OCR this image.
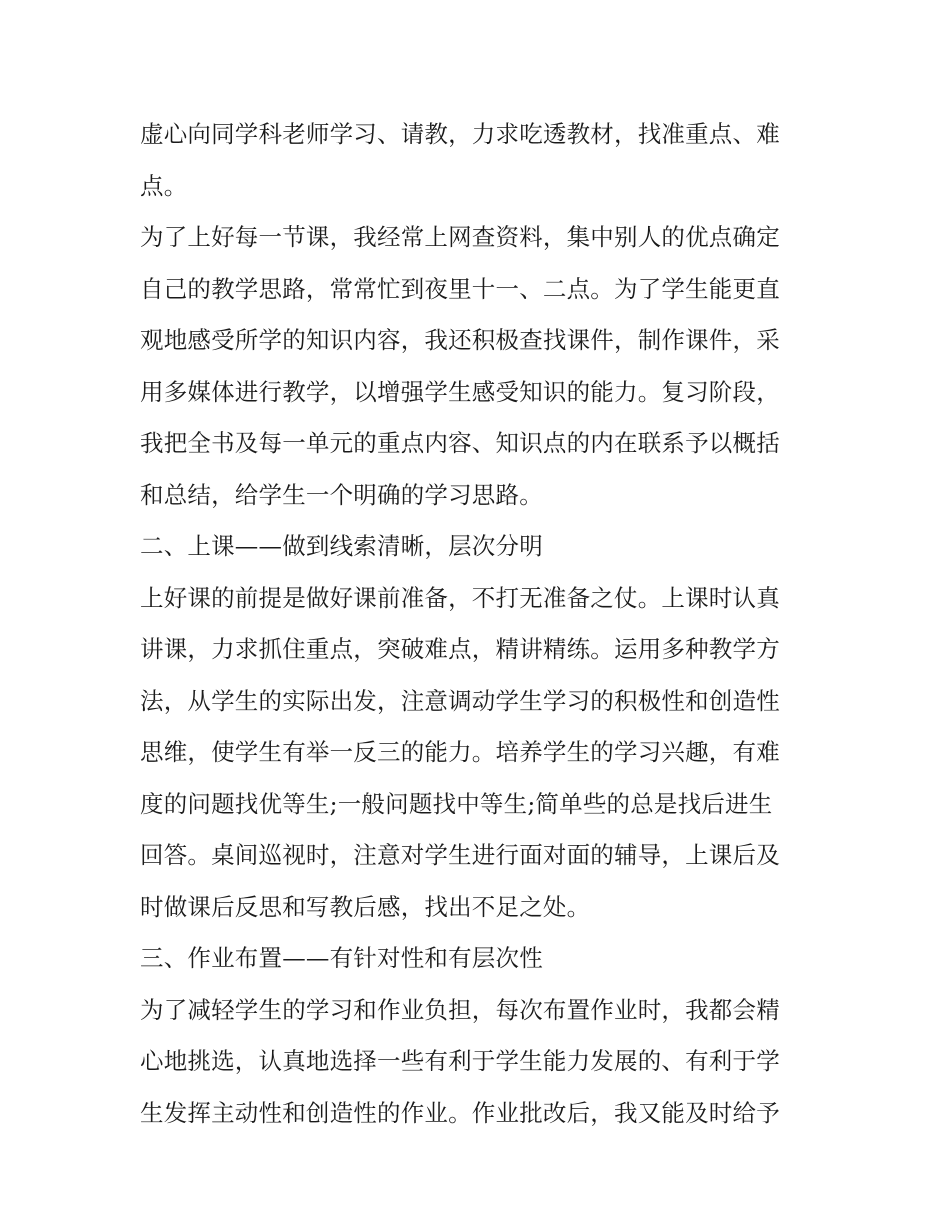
虚心向同学科老师学习、请教，力求吃透教材，找准重点、难
点。
为了上好每一节课，我经常上网查资料，集中别人的优点确定
自己的教学思路，常常忙到夜里十一、二点。为了学生能更直
观地感受所学的知识内容，我还积极查找课件，制作课件，采
用多媒体进行教学，以增强学生感受知识的能力。复习阶段，
我把全书及每一单元的重点内容、知识点的内在联系予以概括
和总结，给学生一个明确的学习思路。
二、上课——做到线索清晰，层次分明
上好课的前提是做好课前准备，不打无准备之仗。上课时认真
讲课，力求抓住重点，突破难点，精讲精练。运用多种教学方
法，从学生的实际出发，注意调动学生学习的积极性和创造性
思维，使学生有举一反三的能力。培养学生的学习兴趣，有难
度的问题找优等生;一般问题找中等生;简单些的总是找后进生
回答。桌间巡视时，注意对学生进行面对面的辅导，上课后及
时做课后反思和写教后感，找出不足之处。
三、作业布置——有针对性和有层次性
为了减轻学生的学习和作业负担，每次布置作业时，我都会精
心地挑选，认真地选择一些有利于学生能力发展的、有利于学
生发挥主动性和创造性的作业。作业批改后，我又能及时给予
